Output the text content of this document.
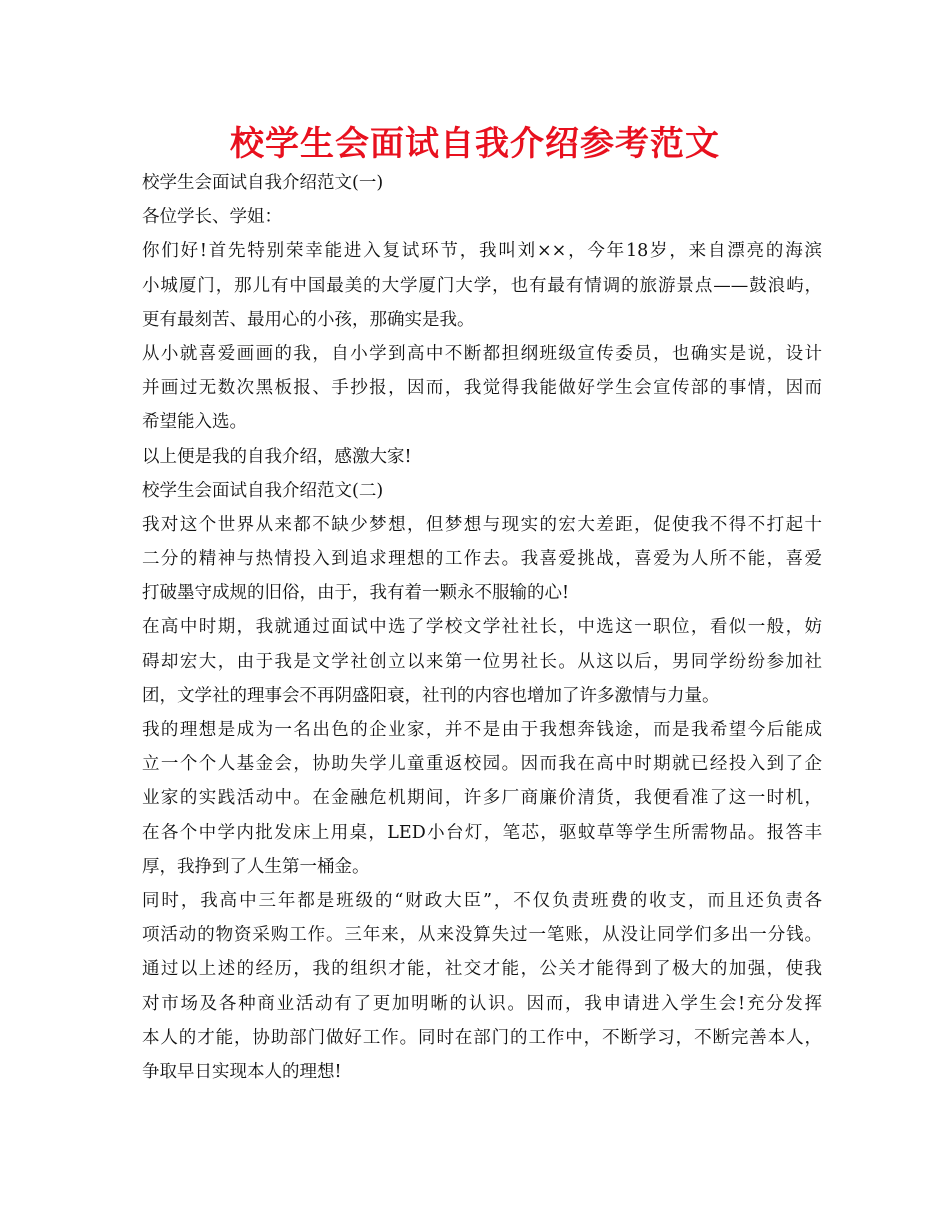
校学生会面试自我介绍参考范文
校学生会面试自我介绍范文(一)
各位学长、学姐：
你们好!首先特别荣幸能进入复试环节，我叫刘××，今年18岁，来自漂亮的海滨
小城厦门，那儿有中国最美的大学厦门大学，也有最有情调的旅游景点——鼓浪屿，
更有最刻苦、最用心的小孩，那确实是我。
从小就喜爱画画的我，自小学到高中不断都担纲班级宣传委员，也确实是说，设计
并画过无数次黑板报、手抄报，因而，我觉得我能做好学生会宣传部的事情，因而
希望能入选。
以上便是我的自我介绍，感激大家!
校学生会面试自我介绍范文(二)
我对这个世界从来都不缺少梦想，但梦想与现实的宏大差距，促使我不得不打起十
二分的精神与热情投入到追求理想的工作去。我喜爱挑战，喜爱为人所不能，喜爱
打破墨守成规的旧俗，由于，我有着一颗永不服输的心!
在高中时期，我就通过面试中选了学校文学社社长，中选这一职位，看似一般，妨
碍却宏大，由于我是文学社创立以来第一位男社长。从这以后，男同学纷纷参加社
团，文学社的理事会不再阴盛阳衰，社刊的内容也增加了许多激情与力量。
我的理想是成为一名出色的企业家，并不是由于我想奔钱途，而是我希望今后能成
立一个个人基金会，协助失学儿童重返校园。因而我在高中时期就已经投入到了企
业家的实践活动中。在金融危机期间，许多厂商廉价清货，我便看准了这一时机，
在各个中学内批发床上用桌，LED小台灯，笔芯，驱蚊草等学生所需物品。报答丰
厚，我挣到了人生第一桶金。
同时，我高中三年都是班级的“财政大臣”，不仅负责班费的收支，而且还负责各
项活动的物资采购工作。三年来，从来没算失过一笔账，从没让同学们多出一分钱。
通过以上述的经历，我的组织才能，社交才能，公关才能得到了极大的加强，使我
对市场及各种商业活动有了更加明晰的认识。因而，我申请进入学生会!充分发挥
本人的才能，协助部门做好工作。同时在部门的工作中，不断学习，不断完善本人，
争取早日实现本人的理想!
